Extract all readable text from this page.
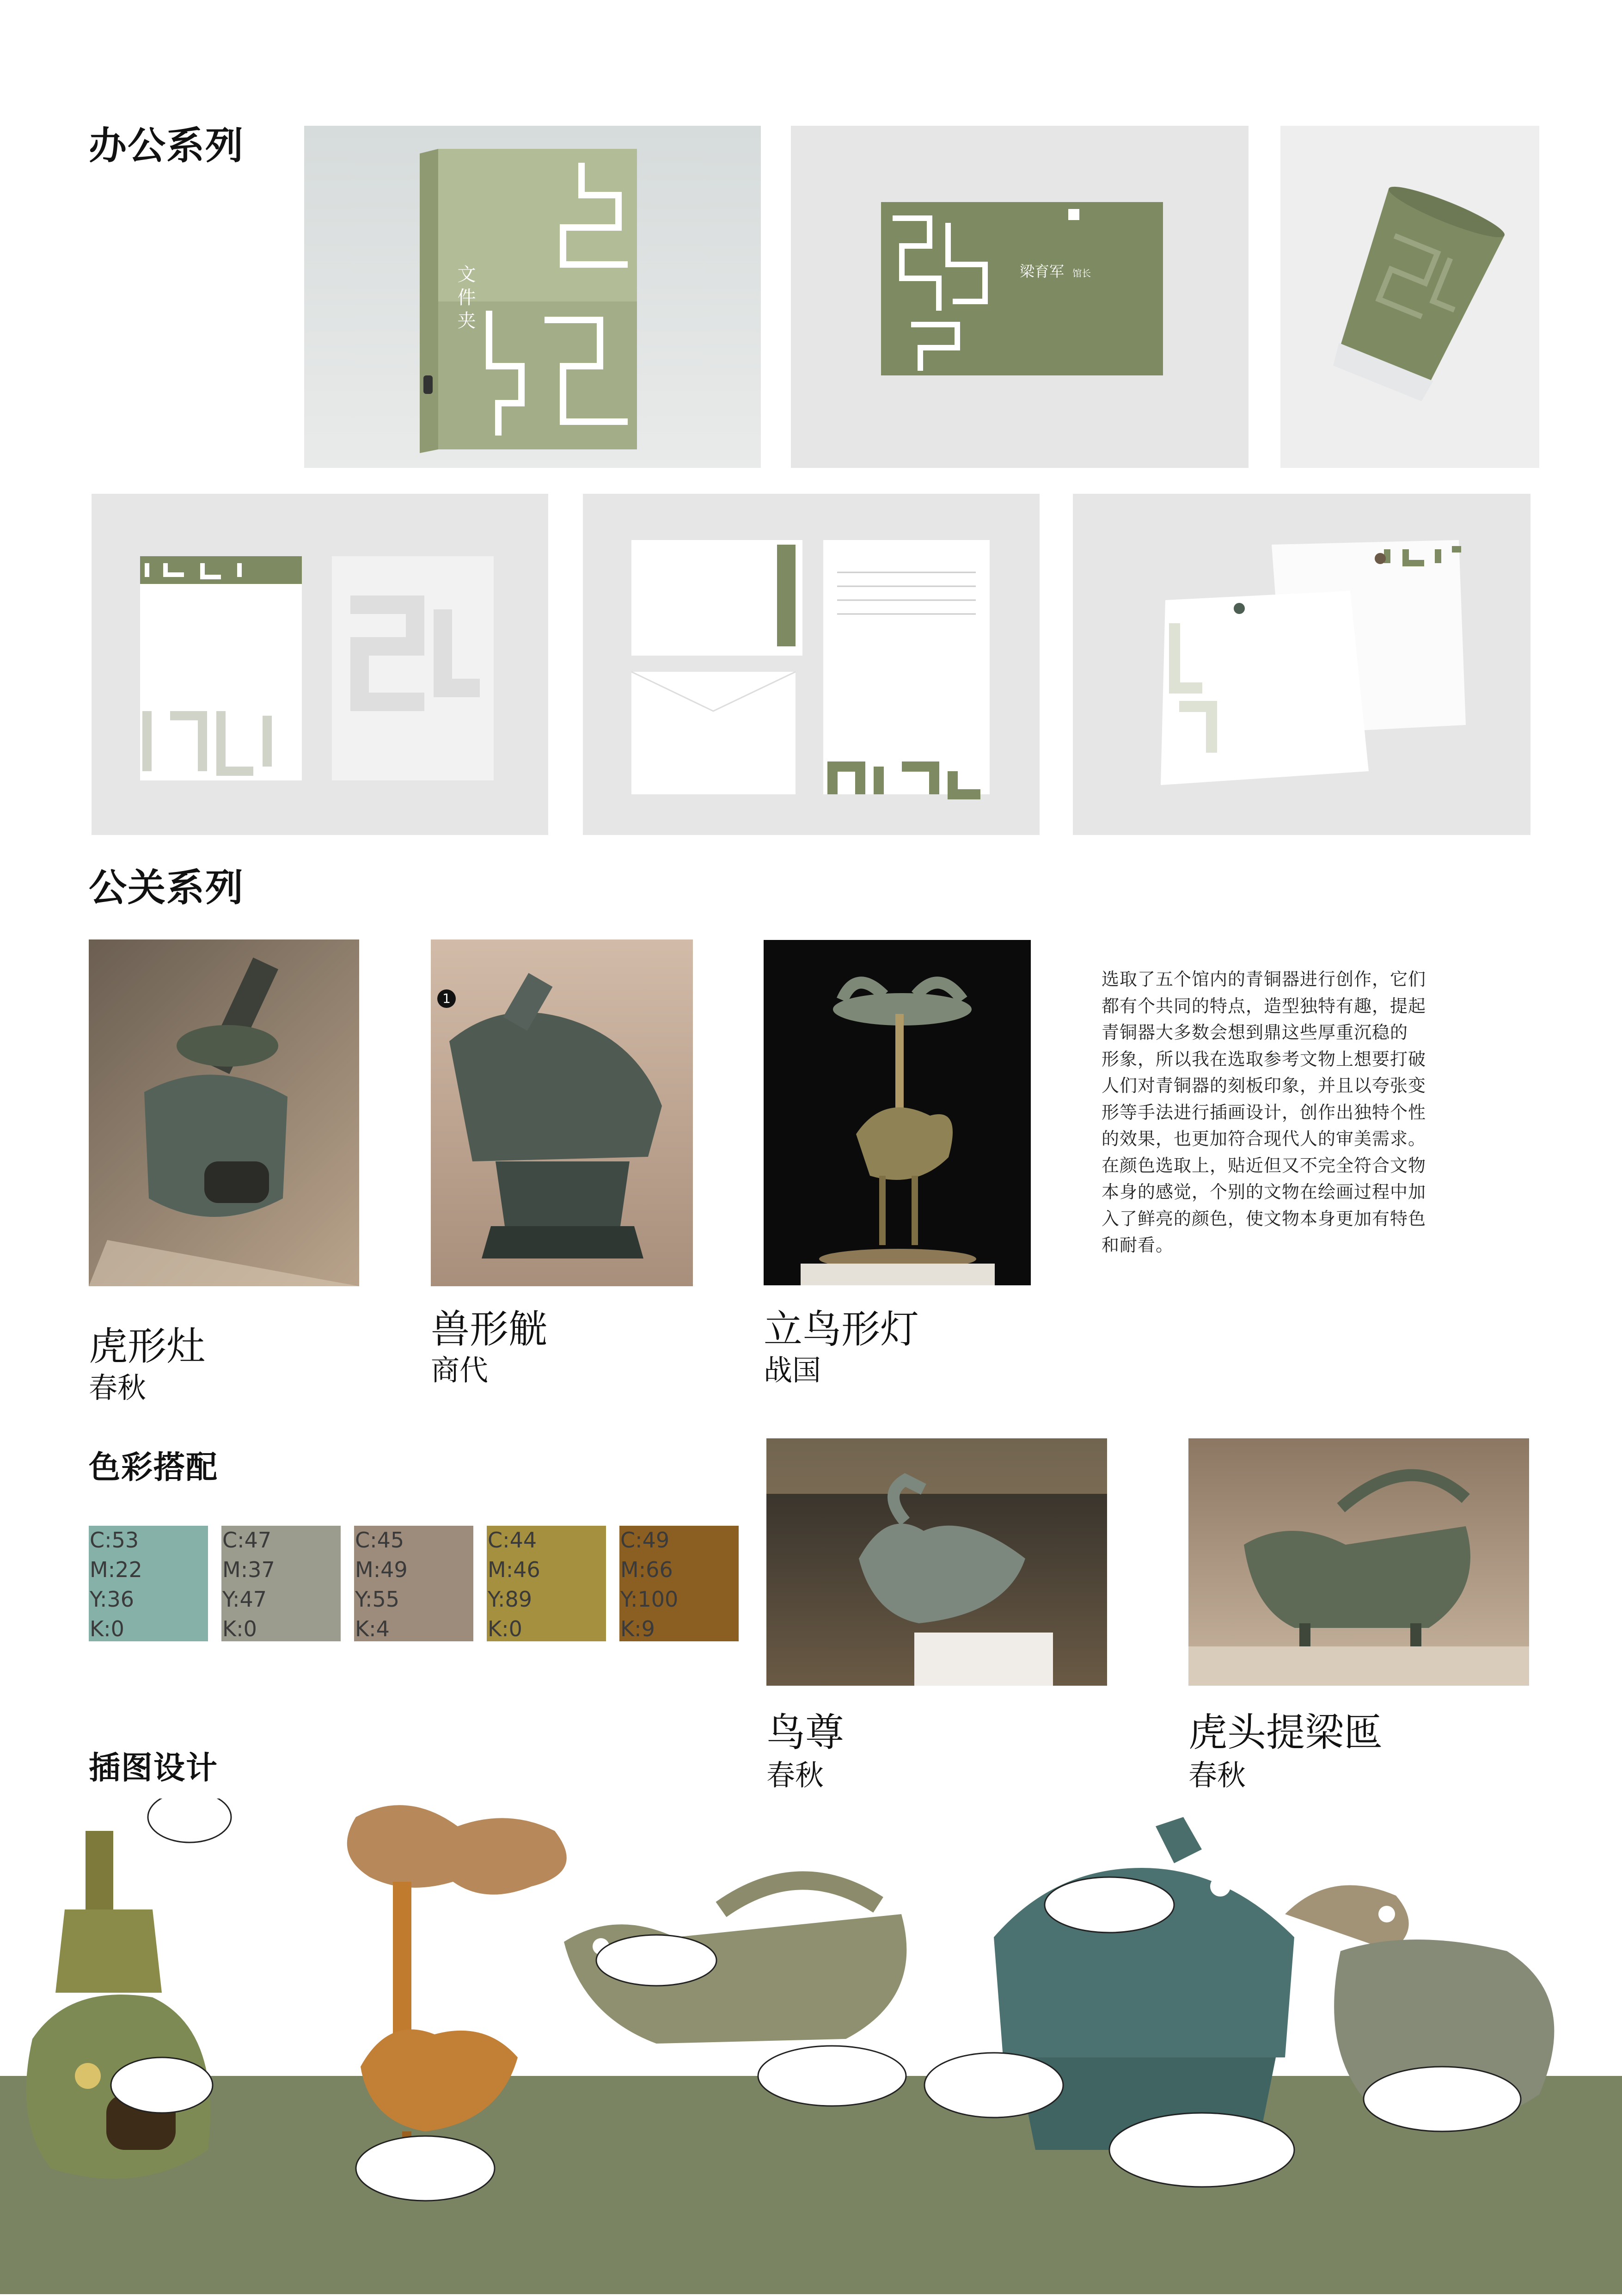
办公系列
文件夹	梁育军 馆长
公关系列
1
选取了五个馆内的青铜器进行创作，它们
都有个共同的特点，造型独特有趣，提起
青铜器大多数会想到鼎这些厚重沉稳的
形象，所以我在选取参考文物上想要打破
人们对青铜器的刻板印象，并且以夸张变
形等手法进行插画设计，创作出独特个性
的效果，也更加符合现代人的审美需求。
在颜色选取上，贴近但又不完全符合文物
本身的感觉，个别的文物在绘画过程中加
入了鲜亮的颜色，使文物本身更加有特色
和耐看。
虎形灶
春秋
兽形觥
商代
立鸟形灯
战国
色彩搭配
C:53
M:22
Y:36
K:0
C:47
M:37
Y:47
K:0
C:45
M:49
Y:55
K:4
C:44
M:46
Y:89
K:0
C:49
M:66
Y:100
K:9
鸟尊
春秋
虎头提梁匜
春秋
插图设计
